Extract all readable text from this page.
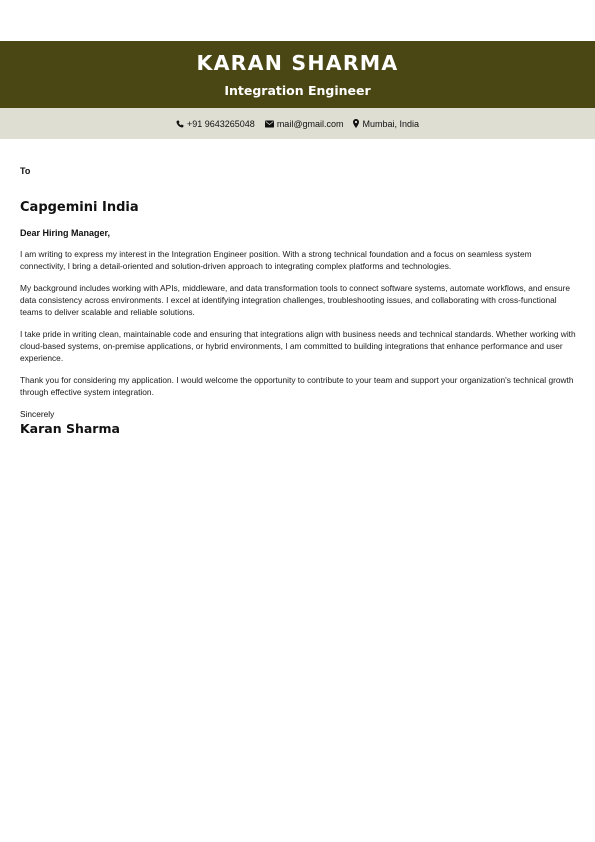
KARAN SHARMA
Integration Engineer
+91 9643265048 mail@gmail.com Mumbai, India
To
Capgemini India
Dear Hiring Manager,
I am writing to express my interest in the Integration Engineer position. With a strong technical foundation and a focus on seamless system connectivity, I bring a detail-oriented and solution-driven approach to integrating complex platforms and technologies.
My background includes working with APIs, middleware, and data transformation tools to connect software systems, automate workflows, and ensure data consistency across environments. I excel at identifying integration challenges, troubleshooting issues, and collaborating with cross-functional teams to deliver scalable and reliable solutions.
I take pride in writing clean, maintainable code and ensuring that integrations align with business needs and technical standards. Whether working with cloud-based systems, on-premise applications, or hybrid environments, I am committed to building integrations that enhance performance and user experience.
Thank you for considering my application. I would welcome the opportunity to contribute to your team and support your organization's technical growth through effective system integration.
Sincerely
Karan Sharma
